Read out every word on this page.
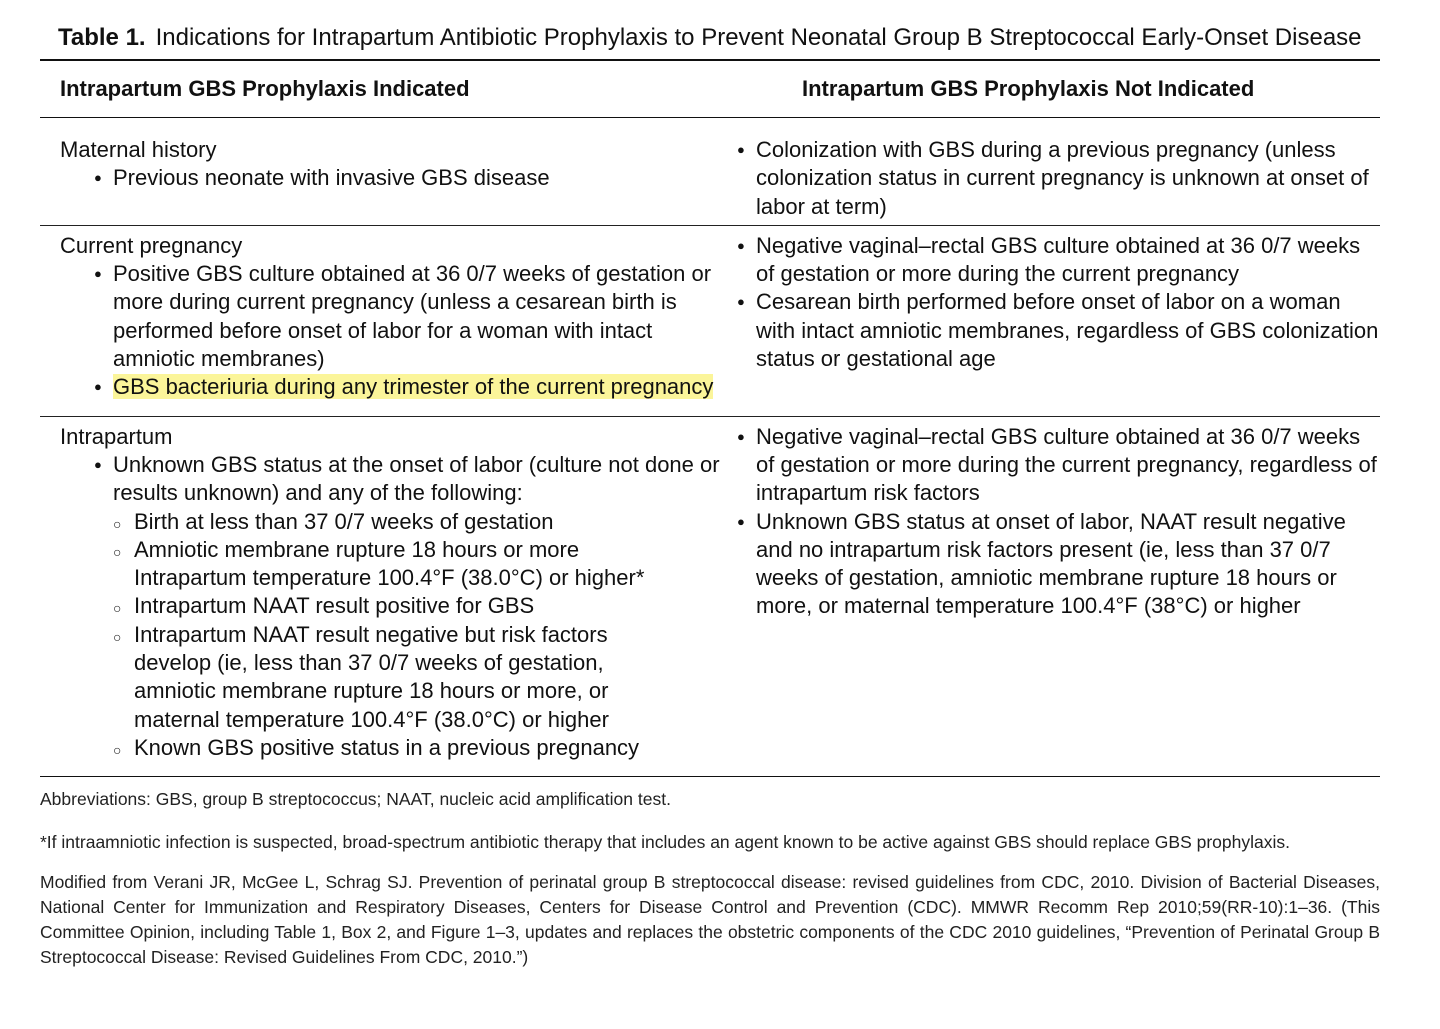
Table 1. Indications for Intrapartum Antibiotic Prophylaxis to Prevent Neonatal Group B Streptococcal Early-Onset Disease
Intrapartum GBS Prophylaxis Indicated	Intrapartum GBS Prophylaxis Not Indicated
Maternal history
● Previous neonate with invasive GBS disease
● Colonization with GBS during a previous pregnancy (unless colonization status in current pregnancy is unknown at onset of labor at term)
Current pregnancy
● Positive GBS culture obtained at 36 0/7 weeks of gestation or more during current pregnancy (unless a cesarean birth is performed before onset of labor for a woman with intact amniotic membranes)
● GBS bacteriuria during any trimester of the current pregnancy
● Negative vaginal–rectal GBS culture obtained at 36 0/7 weeks of gestation or more during the current pregnancy
● Cesarean birth performed before onset of labor on a woman with intact amniotic membranes, regardless of GBS colonization status or gestational age
Intrapartum
● Unknown GBS status at the onset of labor (culture not done or results unknown) and any of the following:
○ Birth at less than 37 0/7 weeks of gestation
○ Amniotic membrane rupture 18 hours or more
Intrapartum temperature 100.4°F (38.0°C) or higher*
○ Intrapartum NAAT result positive for GBS
○ Intrapartum NAAT result negative but risk factors develop (ie, less than 37 0/7 weeks of gestation, amniotic membrane rupture 18 hours or more, or maternal temperature 100.4°F (38.0°C) or higher
○ Known GBS positive status in a previous pregnancy
● Negative vaginal–rectal GBS culture obtained at 36 0/7 weeks of gestation or more during the current pregnancy, regardless of intrapartum risk factors
● Unknown GBS status at onset of labor, NAAT result negative and no intrapartum risk factors present (ie, less than 37 0/7 weeks of gestation, amniotic membrane rupture 18 hours or more, or maternal temperature 100.4°F (38°C) or higher

Abbreviations: GBS, group B streptococcus; NAAT, nucleic acid amplification test.

*If intraamniotic infection is suspected, broad-spectrum antibiotic therapy that includes an agent known to be active against GBS should replace GBS prophylaxis.

Modified from Verani JR, McGee L, Schrag SJ. Prevention of perinatal group B streptococcal disease: revised guidelines from CDC, 2010. Division of Bacterial Diseases, National Center for Immunization and Respiratory Diseases, Centers for Disease Control and Prevention (CDC). MMWR Recomm Rep 2010;59(RR-10):1–36. (This Committee Opinion, including Table 1, Box 2, and Figure 1–3, updates and replaces the obstetric components of the CDC 2010 guidelines, “Prevention of Perinatal Group B Streptococcal Disease: Revised Guidelines From CDC, 2010.”)
